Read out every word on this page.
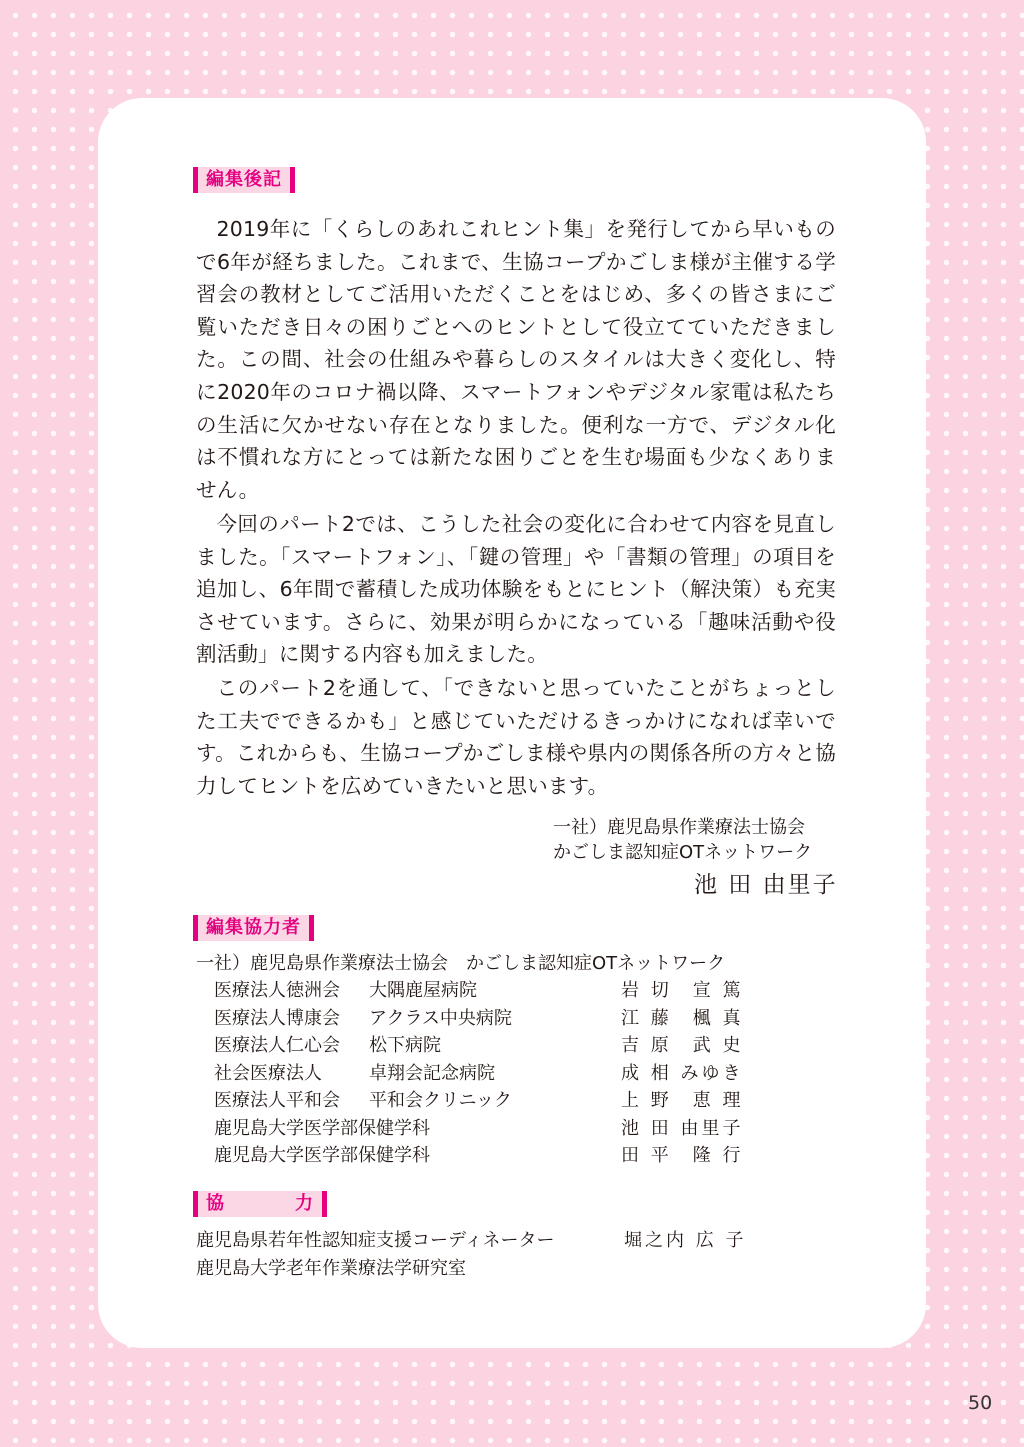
編集後記

2019年に「くらしのあれこれヒント集」を発行してから早いもので6年が経ちました。これまで、生協コープかごしま様が主催する学習会の教材としてご活用いただくことをはじめ、多くの皆さまにご覧いただき日々の困りごとへのヒントとして役立てていただきました。この間、社会の仕組みや暮らしのスタイルは大きく変化し、特に2020年のコロナ禍以降、スマートフォンやデジタル家電は私たちの生活に欠かせない存在となりました。便利な一方で、デジタル化は不慣れな方にとっては新たな困りごとを生む場面も少なくありません。

今回のパート2では、こうした社会の変化に合わせて内容を見直しました。「スマートフォン」、「鍵の管理」や「書類の管理」の項目を追加し、6年間で蓄積した成功体験をもとにヒント（解決策）も充実させています。さらに、効果が明らかになっている「趣味活動や役割活動」に関する内容も加えました。

このパート2を通して、「できないと思っていたことがちょっとした工夫でできるかも」と感じていただけるきっかけになれば幸いです。これからも、生協コープかごしま様や県内の関係各所の方々と協力してヒントを広めていきたいと思います。

一社）鹿児島県作業療法士協会
かごしま認知症OTネットワーク
池 田 由里子
編集協力者
一社）鹿児島県作業療法士協会　かごしま認知症OTネットワーク
医療法人徳洲会 大隅鹿屋病院	岩 切　宣 篤
医療法人博康会 アクラス中央病院	江 藤　楓 真
医療法人仁心会 松下病院	吉 原　武 史
社会医療法人	卓翔会記念病院	成 相 みゆき
医療法人平和会 平和会クリニック	上 野　恵 理
鹿児島大学医学部保健学科	池 田 由里子
鹿児島大学医学部保健学科	田 平　隆 行
協	力
鹿児島県若年性認知症支援コーディネーター	堀之内 広 子
鹿児島大学老年作業療法学研究室
50
